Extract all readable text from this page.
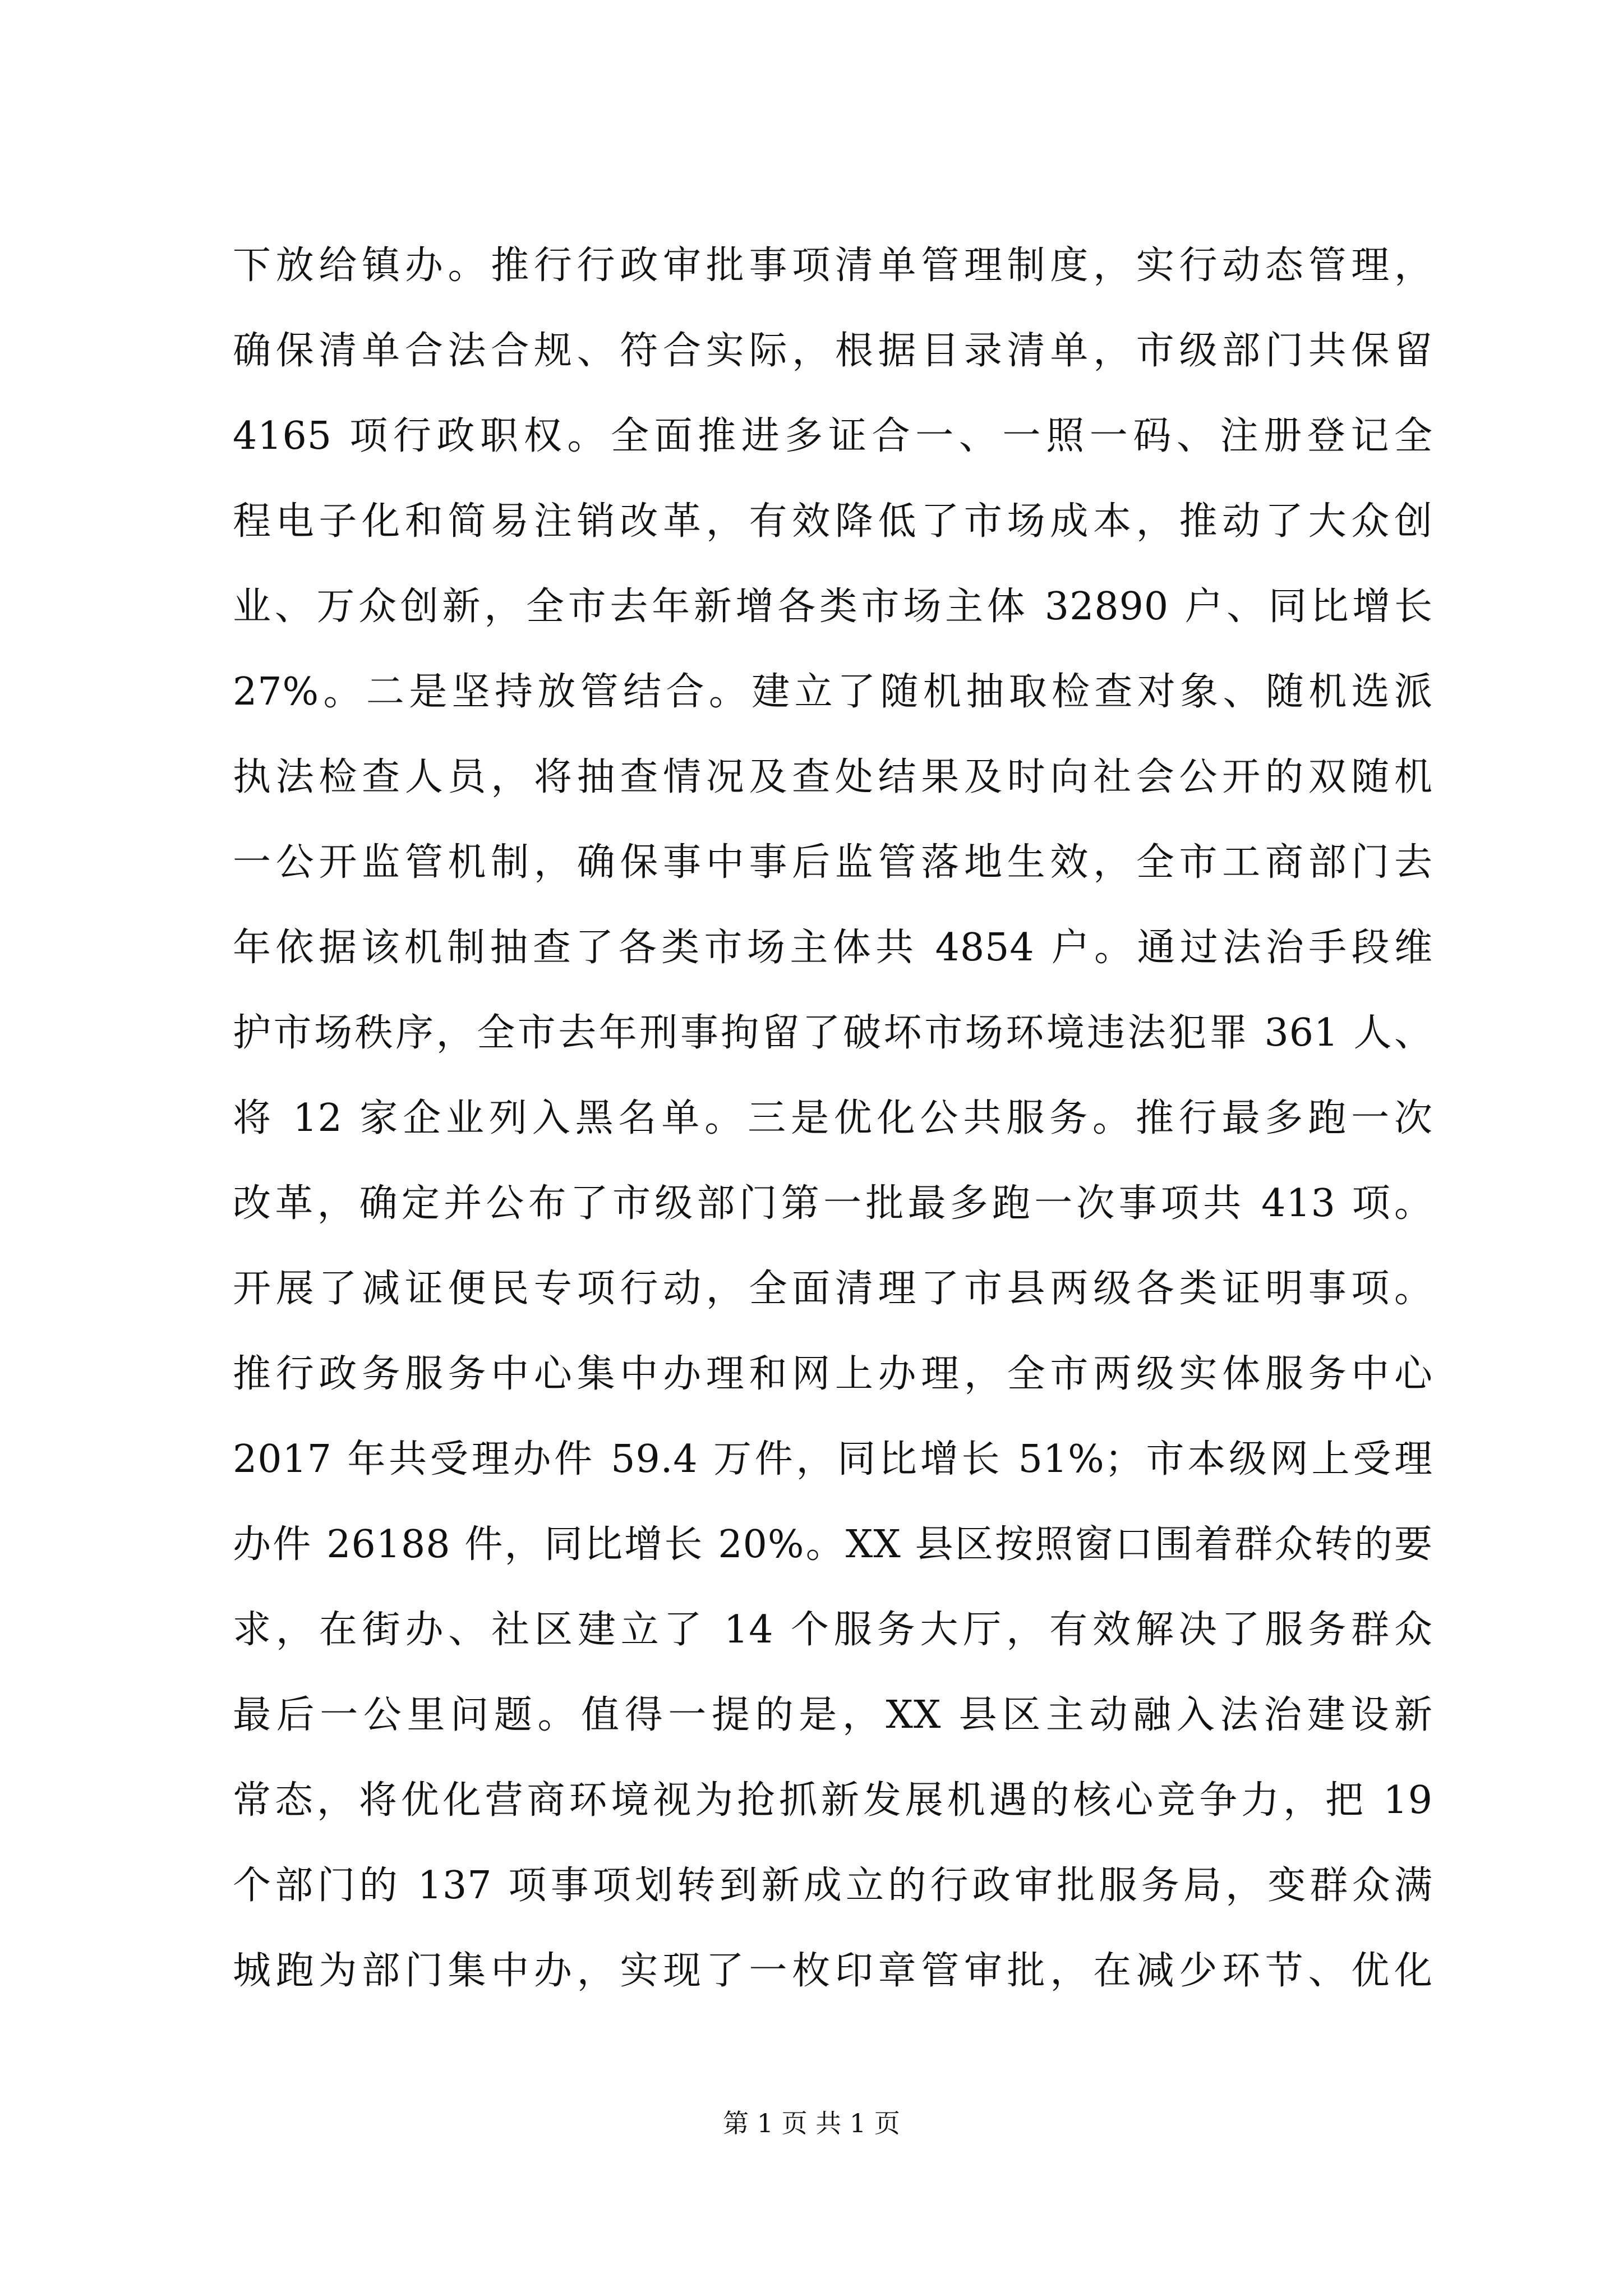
下放给镇办。推行行政审批事项清单管理制度，实行动态管理，
确保清单合法合规、符合实际，根据目录清单，市级部门共保留
4165 项行政职权。全面推进多证合一、一照一码、注册登记全
程电子化和简易注销改革，有效降低了市场成本，推动了大众创
业、万众创新，全市去年新增各类市场主体 32890 户、同比增长
27%。二是坚持放管结合。建立了随机抽取检查对象、随机选派
执法检查人员，将抽查情况及查处结果及时向社会公开的双随机
一公开监管机制，确保事中事后监管落地生效，全市工商部门去
年依据该机制抽查了各类市场主体共 4854 户。通过法治手段维
护市场秩序，全市去年刑事拘留了破坏市场环境违法犯罪 361 人、
将 12 家企业列入黑名单。三是优化公共服务。推行最多跑一次
改革，确定并公布了市级部门第一批最多跑一次事项共 413 项。
开展了减证便民专项行动，全面清理了市县两级各类证明事项。
推行政务服务中心集中办理和网上办理，全市两级实体服务中心
2017 年共受理办件 59.4 万件，同比增长 51%；市本级网上受理
办件 26188 件，同比增长 20%。XX 县区按照窗口围着群众转的要
求，在街办、社区建立了 14 个服务大厅，有效解决了服务群众
最后一公里问题。值得一提的是，XX 县区主动融入法治建设新
常态，将优化营商环境视为抢抓新发展机遇的核心竞争力，把 19
个部门的 137 项事项划转到新成立的行政审批服务局，变群众满
城跑为部门集中办，实现了一枚印章管审批，在减少环节、优化
第 1 页 共 1 页
